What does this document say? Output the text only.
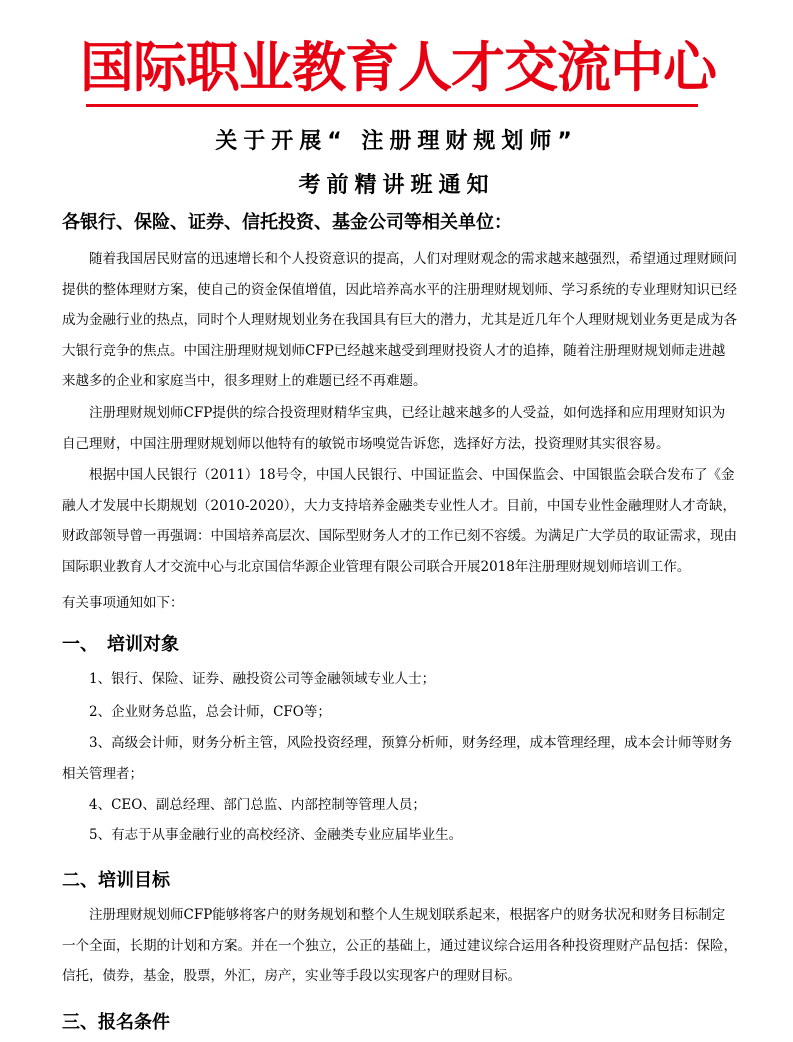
国际职业教育人才交流中心
关于开展“ 注册理财规划师”
考前精讲班通知
各银行、保险、证券、信托投资、基金公司等相关单位：

随着我国居民财富的迅速增长和个人投资意识的提高，人们对理财观念的需求越来越强烈，希望通过理财顾问提供的整体理财方案，使自己的资金保值增值，因此培养高水平的注册理财规划师、学习系统的专业理财知识已经成为金融行业的热点，同时个人理财规划业务在我国具有巨大的潜力，尤其是近几年个人理财规划业务更是成为各大银行竞争的焦点。中国注册理财规划师CFP已经越来越受到理财投资人才的追捧，随着注册理财规划师走进越来越多的企业和家庭当中，很多理财上的难题已经不再难题。

注册理财规划师CFP提供的综合投资理财精华宝典，已经让越来越多的人受益，如何选择和应用理财知识为自己理财，中国注册理财规划师以他特有的敏锐市场嗅觉告诉您，选择好方法，投资理财其实很容易。

根据中国人民银行（2011）18号令，中国人民银行、中国证监会、中国保监会、中国银监会联合发布了《金融人才发展中长期规划（2010-2020），大力支持培养金融类专业性人才。目前，中国专业性金融理财人才奇缺，财政部领导曾一再强调：中国培养高层次、国际型财务人才的工作已刻不容缓。为满足广大学员的取证需求，现由国际职业教育人才交流中心与北京国信华源企业管理有限公司联合开展2018年注册理财规划师培训工作。

有关事项通知如下：

一、　培训对象

1、银行、保险、证券、融投资公司等金融领域专业人士；

2、企业财务总监，总会计师，CFO等；

3、高级会计师，财务分析主管，风险投资经理，预算分析师，财务经理，成本管理经理，成本会计师等财务相关管理者；

4、CEO、副总经理、部门总监、内部控制等管理人员；

5、有志于从事金融行业的高校经济、金融类专业应届毕业生。

二、培训目标

注册理财规划师CFP能够将客户的财务规划和整个人生规划联系起来，根据客户的财务状况和财务目标制定一个全面，长期的计划和方案。并在一个独立，公正的基础上，通过建议综合运用各种投资理财产品包括：保险，信托，债券，基金，股票，外汇，房产，实业等手段以实现客户的理财目标。

三、报名条件
